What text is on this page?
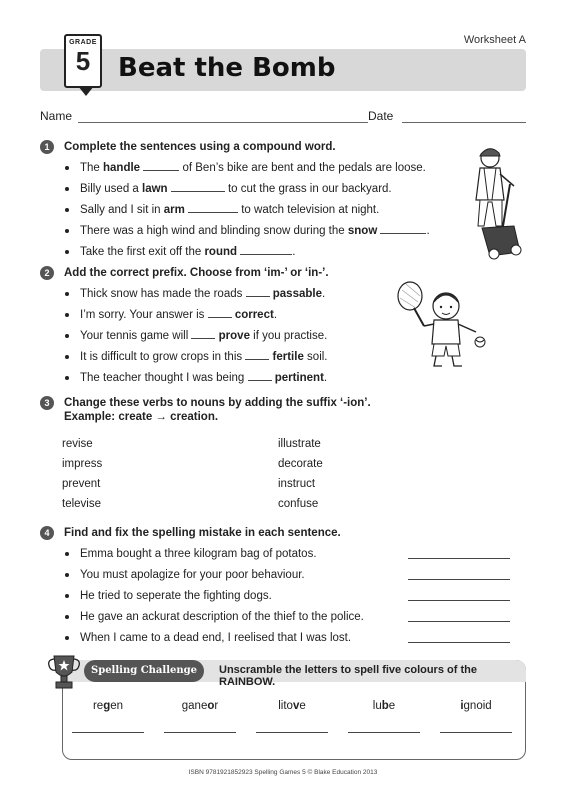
Worksheet A
GRADE
5	Beat the Bomb
Name	Date
1	Complete the sentences using a compound word.
The handle	of Ben’s bike are bent and the pedals are loose.
Billy used a lawn	to cut the grass in our backyard.
Sally and I sit in arm	to watch television at night.
There was a high wind and blinding snow during the snow	.
Take the first exit off the round	.
2	Add the correct prefix. Choose from ‘im-’ or ‘in-’.
Thick snow has made the roads  passable.
I’m sorry. Your answer is  correct.
Your tennis game will  prove if you practise.
It is difficult to grow crops in this  fertile soil.
The teacher thought I was being  pertinent.
3	Change these verbs to nouns by adding the suffix ‘-ion’.
Example: create → creation.
revise	illustrate
impress	decorate
prevent	instruct
televise	confuse
4	Find and fix the spelling mistake in each sentence.
Emma bought a three kilogram bag of potatos.
You must apolagize for your poor behaviour.
He tried to seperate the fighting dogs.
He gave an ackurat description of the thief to the police.
When I came to a dead end, I reelised that I was lost.
Spelling Challenge	Unscramble the letters to spell five colours of the RAINBOW.
regen	ganeor	litove	lube	ignoid
ISBN 9781921852923 Spelling Games 5 © Blake Education 2013
